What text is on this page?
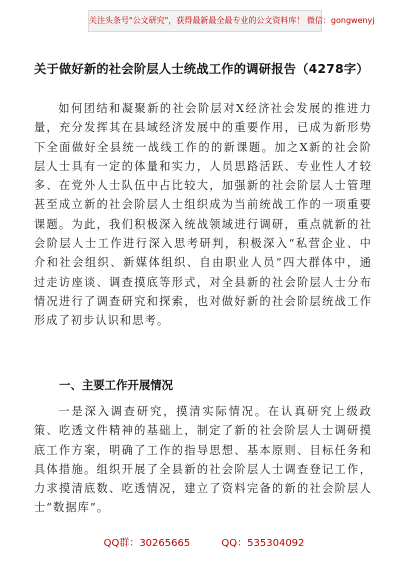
关注头条号"公文研究"，获得最新最全最专业的公文资料库！ 微信：gongwenyj
关于做好新的社会阶层人士统战工作的调研报告（4278字）

如何团结和凝聚新的社会阶层对X经济社会发展的推进力量，充分发挥其在县域经济发展中的重要作用，已成为新形势下全面做好全县统一战线工作的的新课题。加之X新的社会阶层人士具有一定的体量和实力，人员思路活跃、专业性人才较多、在党外人士队伍中占比较大，加强新的社会阶层人士管理甚至成立新的社会阶层人士组织成为当前统战工作的一项重要课题。为此，我们积极深入统战领域进行调研，重点就新的社会阶层人士工作进行深入思考研判，积极深入“私营企业、中介和社会组织、新媒体组织、自由职业人员”四大群体中，通过走访座谈、调查摸底等形式，对全县新的社会阶层人士分布情况进行了调查研究和探索，也对做好新的社会阶层统战工作形成了初步认识和思考。

一、主要工作开展情况

一是深入调查研究，摸清实际情况。在认真研究上级政策、吃透文件精神的基础上，制定了新的社会阶层人士调研摸底工作方案，明确了工作的指导思想、基本原则、目标任务和具体措施。组织开展了全县新的社会阶层人士调查登记工作，力求摸清底数、吃透情况，建立了资料完备的新的社会阶层人士“数据库”。

QQ群：30265665	QQ：535304092
